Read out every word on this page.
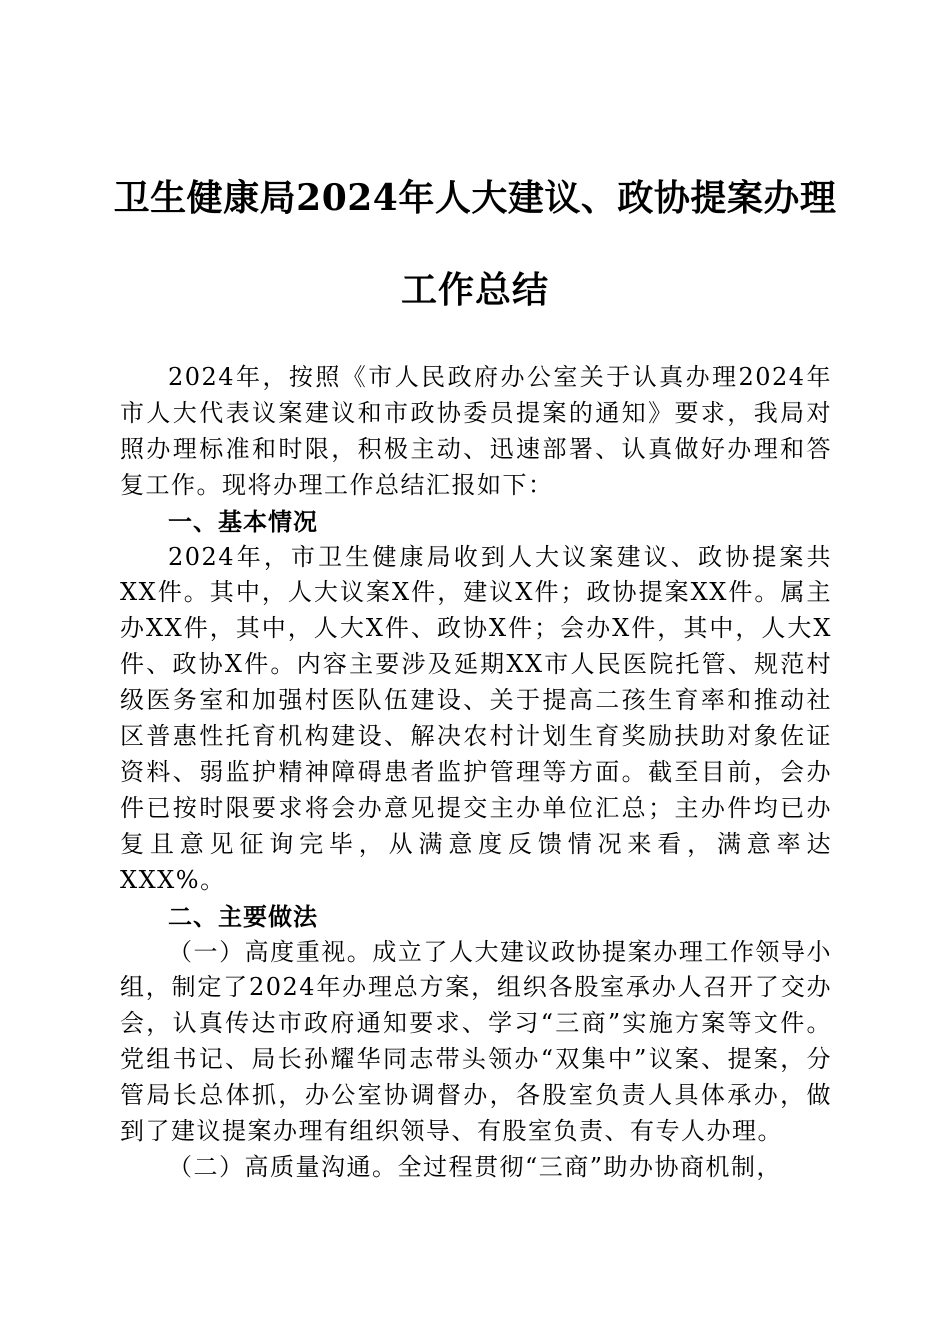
卫生健康局2024年人大建议、政协提案办理
工作总结

2024年，按照《市人民政府办公室关于认真办理2024年市人大代表议案建议和市政协委员提案的通知》要求，我局对照办理标准和时限，积极主动、迅速部署、认真做好办理和答复工作。现将办理工作总结汇报如下：

一、基本情况

2024年，市卫生健康局收到人大议案建议、政协提案共XX件。其中，人大议案X件，建议X件；政协提案XX件。属主办XX件，其中，人大X件、政协X件；会办X件，其中，人大X件、政协X件。内容主要涉及延期XX市人民医院托管、规范村级医务室和加强村医队伍建设、关于提高二孩生育率和推动社区普惠性托育机构建设、解决农村计划生育奖励扶助对象佐证资料、弱监护精神障碍患者监护管理等方面。截至目前，会办件已按时限要求将会办意见提交主办单位汇总；主办件均已办复且意见征询完毕，从满意度反馈情况来看，满意率达XXX%。

二、主要做法

（一）高度重视。成立了人大建议政协提案办理工作领导小组，制定了2024年办理总方案，组织各股室承办人召开了交办会，认真传达市政府通知要求、学习“三商”实施方案等文件。党组书记、局长孙耀华同志带头领办“双集中”议案、提案，分管局长总体抓，办公室协调督办，各股室负责人具体承办，做到了建议提案办理有组织领导、有股室负责、有专人办理。

（二）高质量沟通。全过程贯彻“三商”助办协商机制，
